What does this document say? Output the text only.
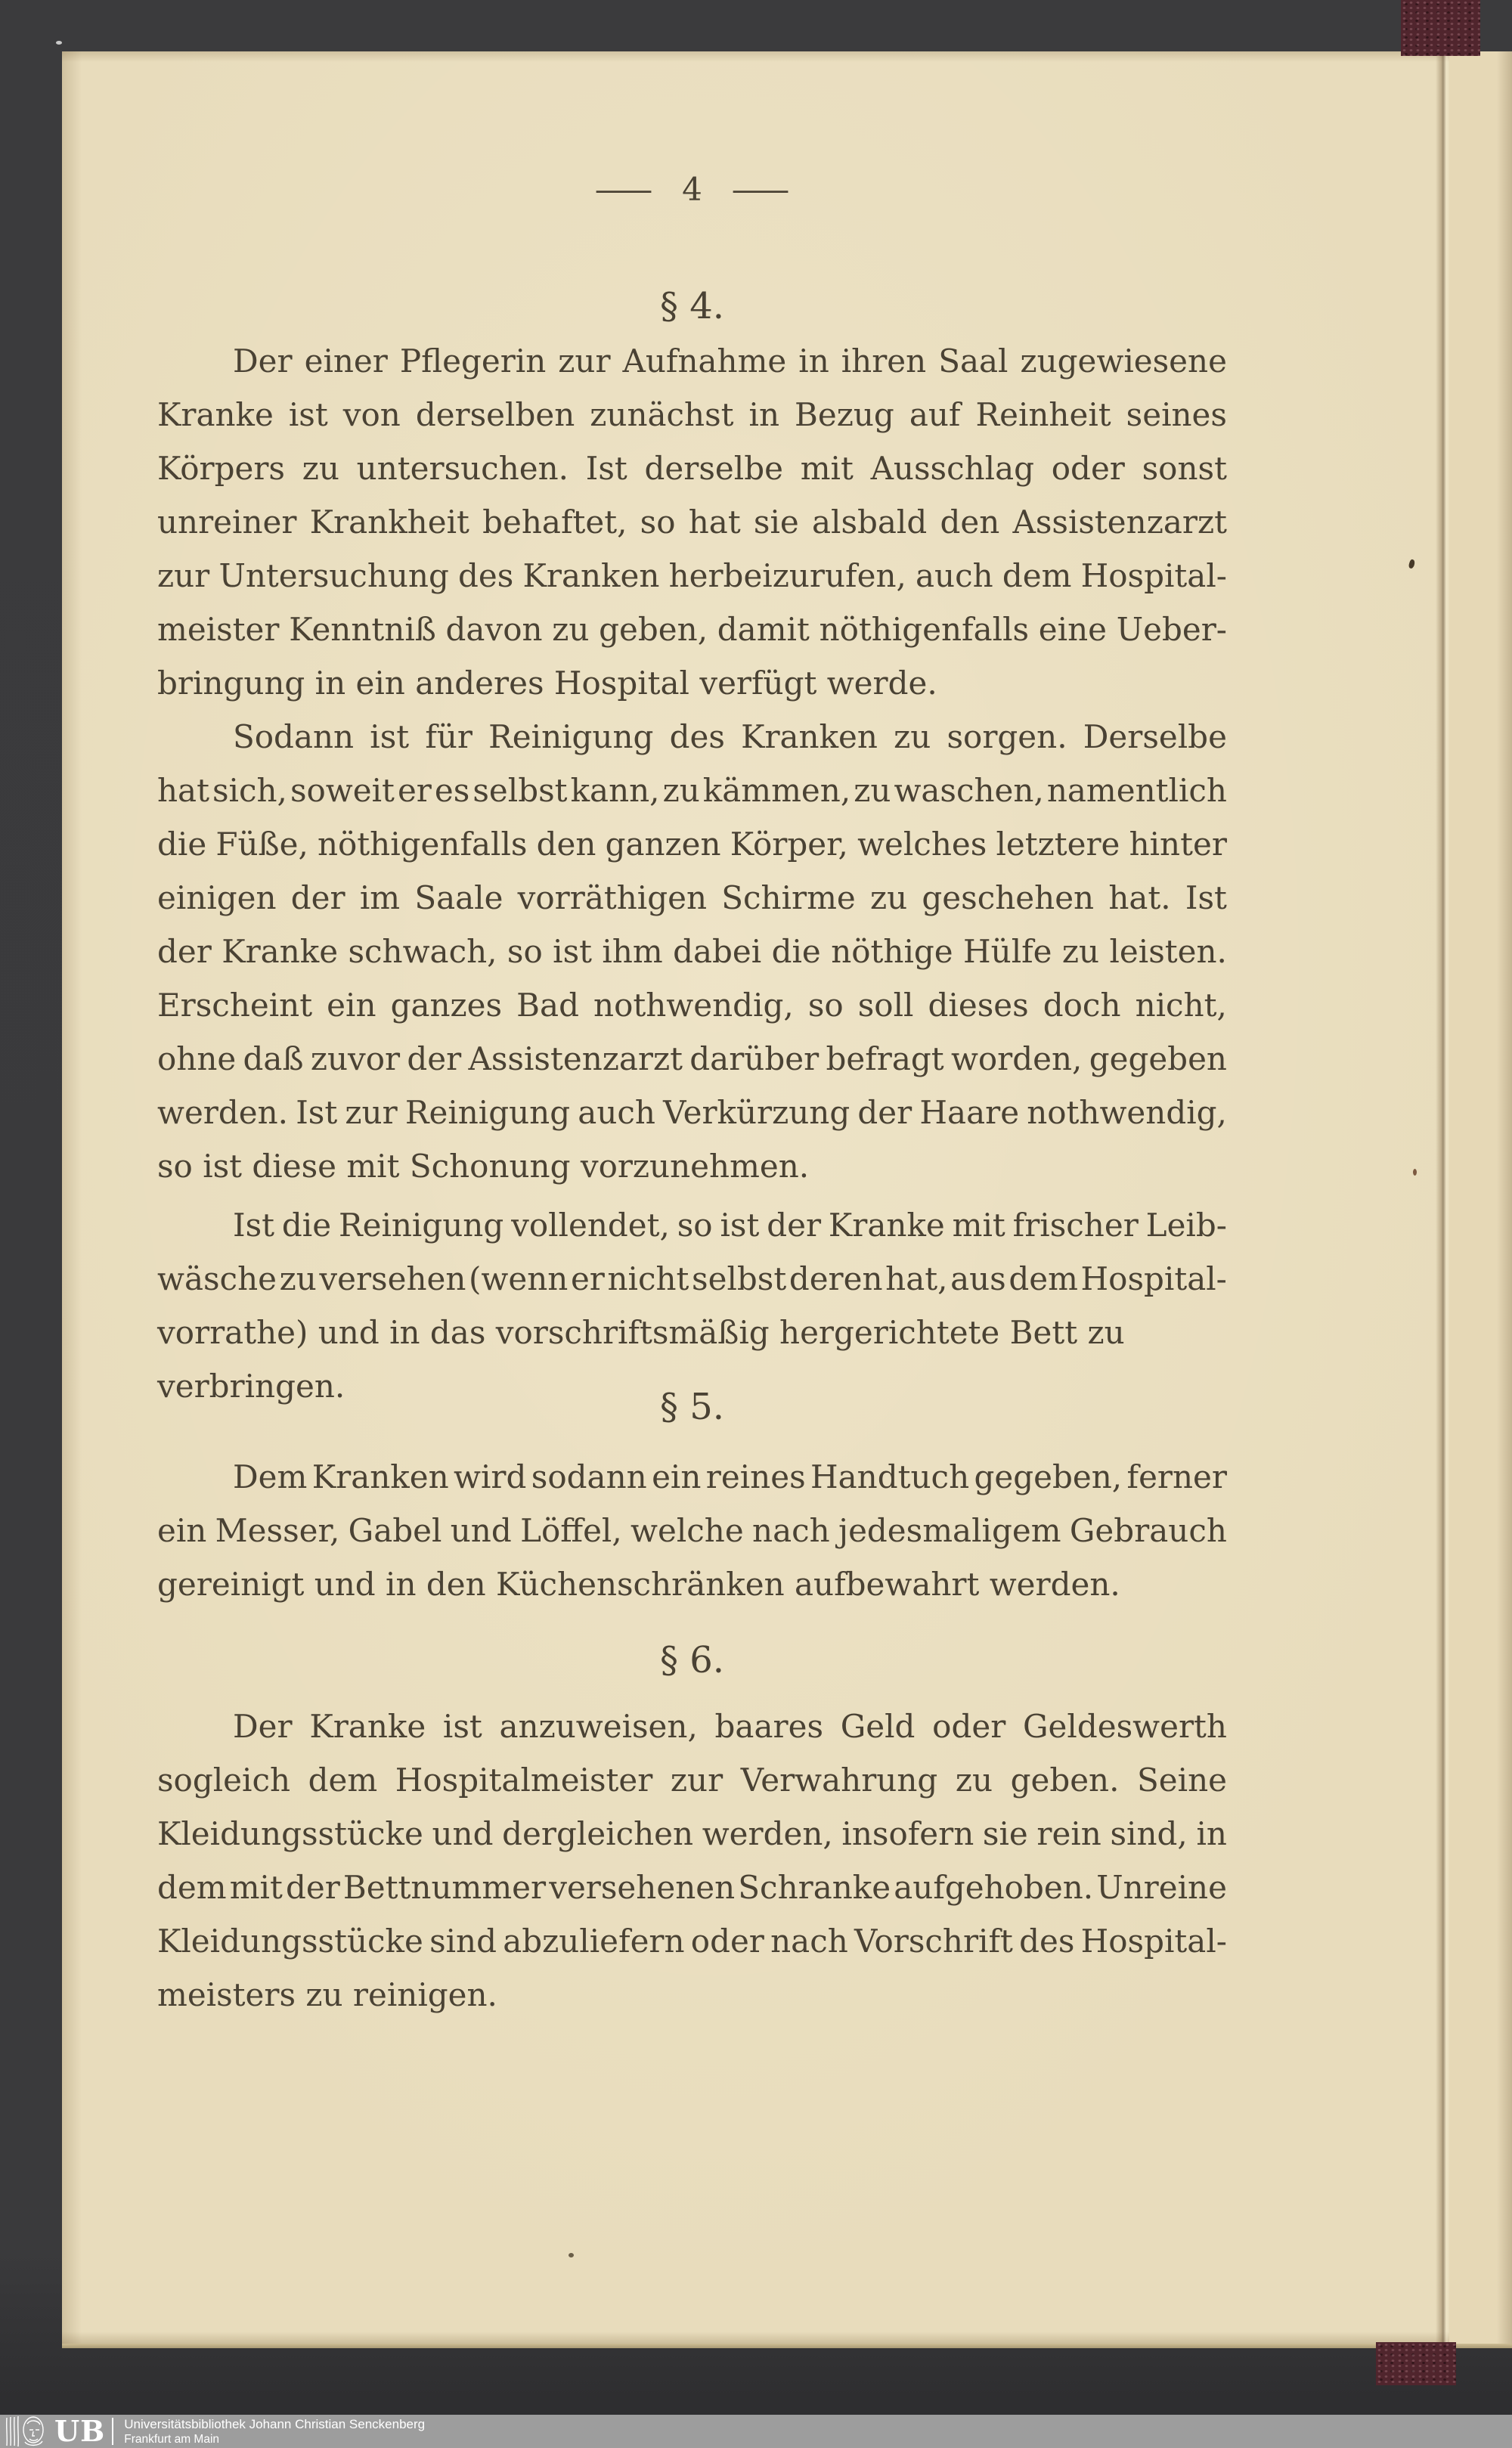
— 4 —
§ 4.
Der einer Pflegerin zur Aufnahme in ihren Saal zugewiesene
Kranke ist von derselben zunächst in Bezug auf Reinheit seines
Körpers zu untersuchen. Ist derselbe mit Ausschlag oder sonst
unreiner Krankheit behaftet, so hat sie alsbald den Assistenzarzt
zur Untersuchung des Kranken herbeizurufen, auch dem Hospital-
meister Kenntniß davon zu geben, damit nöthigenfalls eine Ueber-
bringung in ein anderes Hospital verfügt werde.
Sodann ist für Reinigung des Kranken zu sorgen. Derselbe
hat sich, soweit er es selbst kann, zu kämmen, zu waschen, namentlich
die Füße, nöthigenfalls den ganzen Körper, welches letztere hinter
einigen der im Saale vorräthigen Schirme zu geschehen hat. Ist
der Kranke schwach, so ist ihm dabei die nöthige Hülfe zu leisten.
Erscheint ein ganzes Bad nothwendig, so soll dieses doch nicht,
ohne daß zuvor der Assistenzarzt darüber befragt worden, gegeben
werden. Ist zur Reinigung auch Verkürzung der Haare nothwendig,
so ist diese mit Schonung vorzunehmen.
Ist die Reinigung vollendet, so ist der Kranke mit frischer Leib-
wäsche zu versehen (wenn er nicht selbst deren hat, aus dem Hospital-
vorrathe) und in das vorschriftsmäßig hergerichtete Bett zu verbringen.	§ 5.
Dem Kranken wird sodann ein reines Handtuch gegeben, ferner
ein Messer, Gabel und Löffel, welche nach jedesmaligem Gebrauch
gereinigt und in den Küchenschränken aufbewahrt werden.
§ 6.
Der Kranke ist anzuweisen, baares Geld oder Geldeswerth
sogleich dem Hospitalmeister zur Verwahrung zu geben. Seine
Kleidungsstücke und dergleichen werden, insofern sie rein sind, in
dem mit der Bettnummer versehenen Schranke aufgehoben. Unreine
Kleidungsstücke sind abzuliefern oder nach Vorschrift des Hospital-
meisters zu reinigen.
UB Universitätsbibliothek Johann Christian Senckenberg
Frankfurt am Main
